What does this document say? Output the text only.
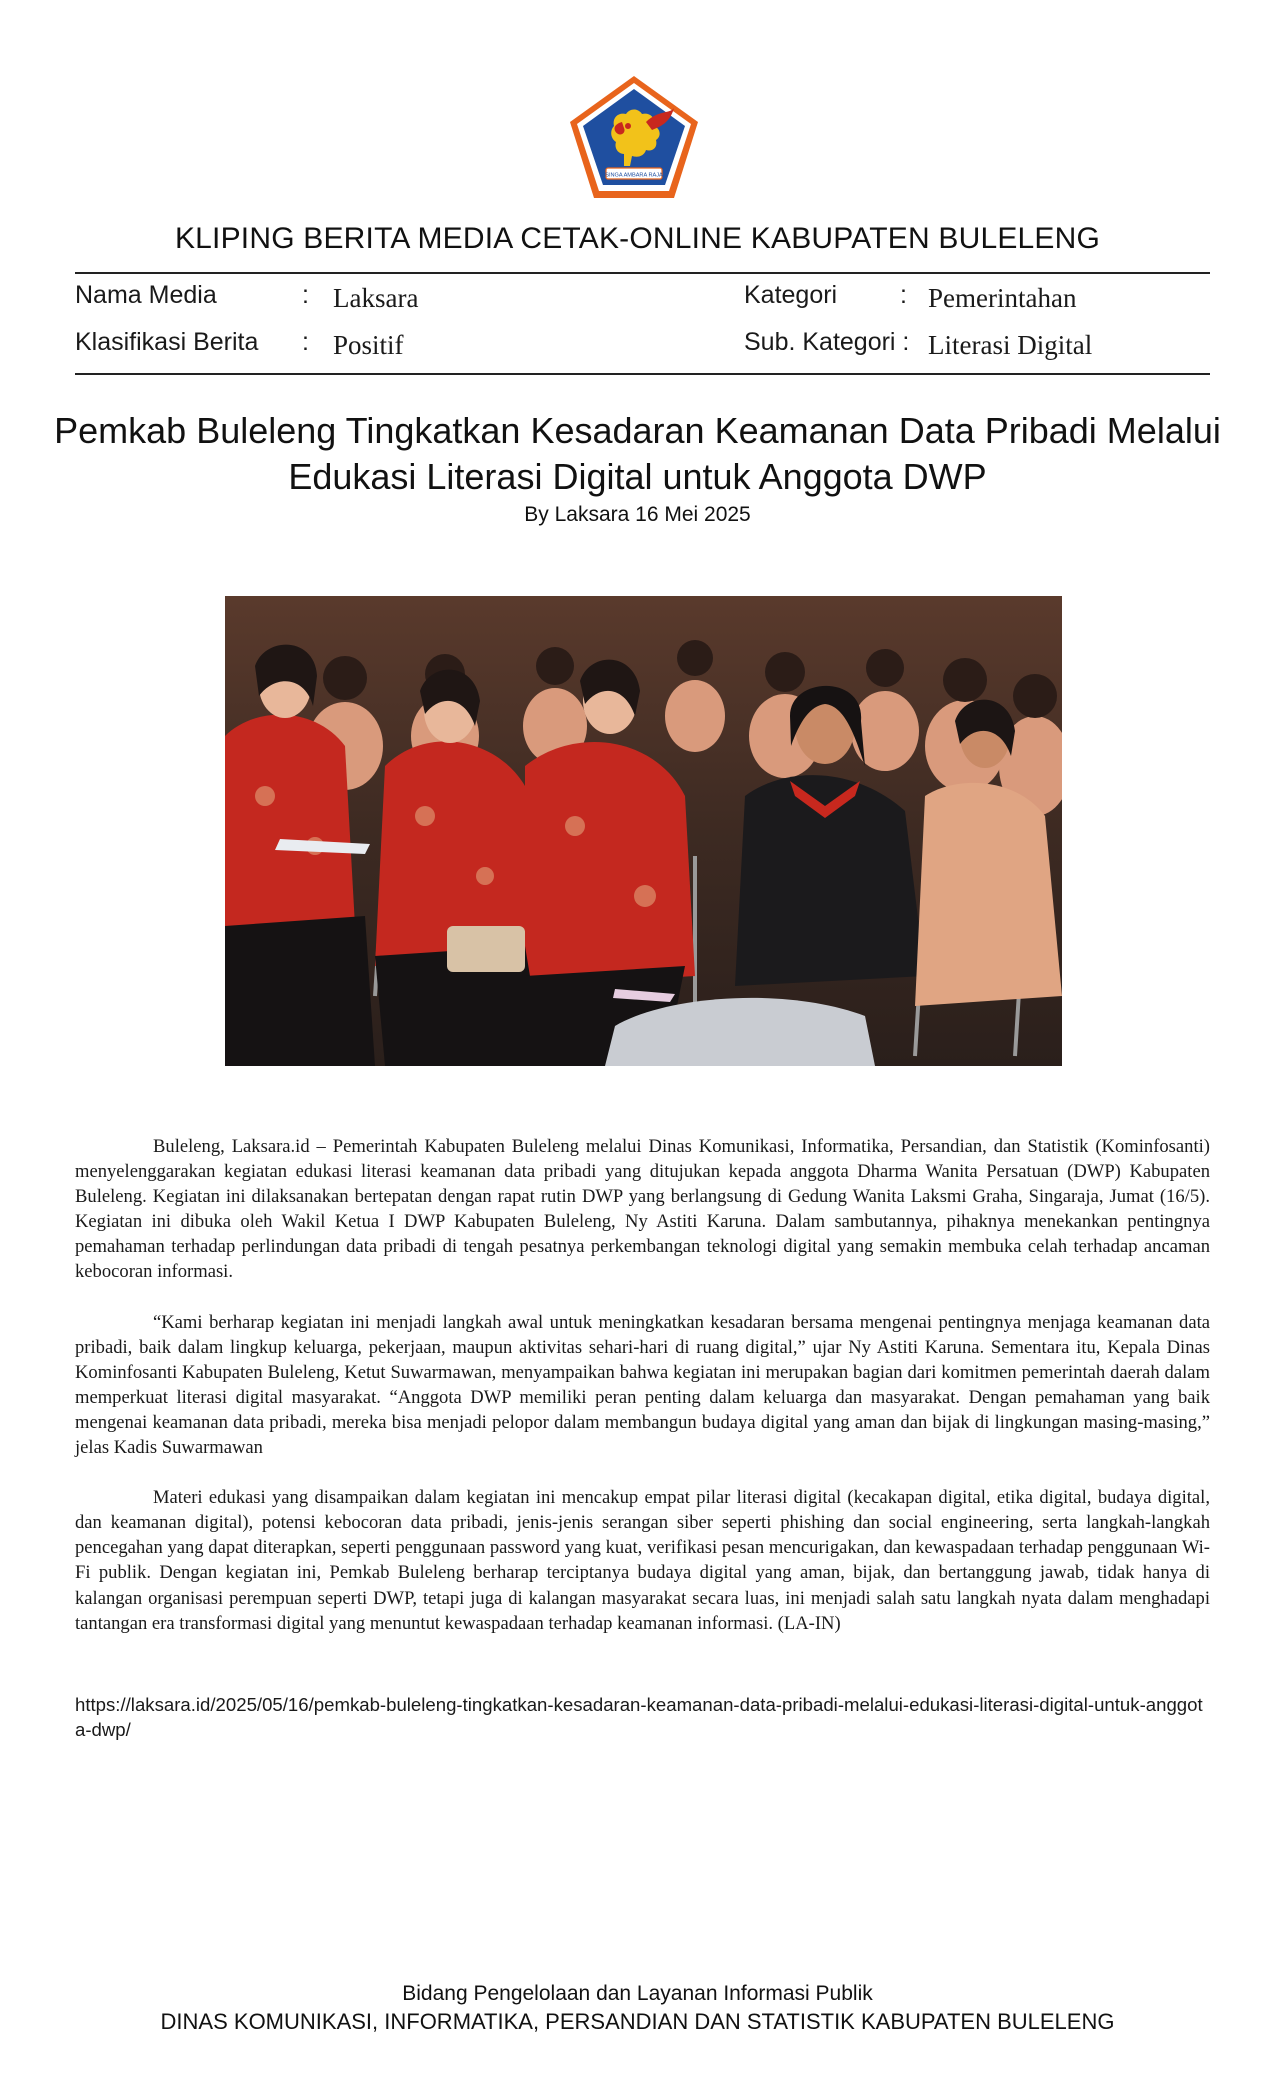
SINGA AMBARA RAJA
KLIPING BERITA MEDIA CETAK-ONLINE KABUPATEN BULELENG
Nama Media	: Laksara
Klasifikasi Berita : Positif
Kategori	: Pemerintahan
Sub. Kategori : Literasi Digital
Pemkab Buleleng Tingkatkan Kesadaran Keamanan Data Pribadi Melalui Edukasi Literasi Digital untuk Anggota DWP
By Laksara 16 Mei 2025

Buleleng, Laksara.id – Pemerintah Kabupaten Buleleng melalui Dinas Komunikasi, Informatika, Persandian, dan Statistik (Kominfosanti) menyelenggarakan kegiatan edukasi literasi keamanan data pribadi yang ditujukan kepada anggota Dharma Wanita Persatuan (DWP) Kabupaten Buleleng. Kegiatan ini dilaksanakan bertepatan dengan rapat rutin DWP yang berlangsung di Gedung Wanita Laksmi Graha, Singaraja, Jumat (16/5). Kegiatan ini dibuka oleh Wakil Ketua I DWP Kabupaten Buleleng, Ny Astiti Karuna. Dalam sambutannya, pihaknya menekankan pentingnya pemahaman terhadap perlindungan data pribadi di tengah pesatnya perkembangan teknologi digital yang semakin membuka celah terhadap ancaman kebocoran informasi.

“Kami berharap kegiatan ini menjadi langkah awal untuk meningkatkan kesadaran bersama mengenai pentingnya menjaga keamanan data pribadi, baik dalam lingkup keluarga, pekerjaan, maupun aktivitas sehari-hari di ruang digital,” ujar Ny Astiti Karuna. Sementara itu, Kepala Dinas Kominfosanti Kabupaten Buleleng, Ketut Suwarmawan, menyampaikan bahwa kegiatan ini merupakan bagian dari komitmen pemerintah daerah dalam memperkuat literasi digital masyarakat. “Anggota DWP memiliki peran penting dalam keluarga dan masyarakat. Dengan pemahaman yang baik mengenai keamanan data pribadi, mereka bisa menjadi pelopor dalam membangun budaya digital yang aman dan bijak di lingkungan masing-masing,” jelas Kadis Suwarmawan

Materi edukasi yang disampaikan dalam kegiatan ini mencakup empat pilar literasi digital (kecakapan digital, etika digital, budaya digital, dan keamanan digital), potensi kebocoran data pribadi, jenis-jenis serangan siber seperti phishing dan social engineering, serta langkah-langkah pencegahan yang dapat diterapkan, seperti penggunaan password yang kuat, verifikasi pesan mencurigakan, dan kewaspadaan terhadap penggunaan Wi-Fi publik. Dengan kegiatan ini, Pemkab Buleleng berharap terciptanya budaya digital yang aman, bijak, dan bertanggung jawab, tidak hanya di kalangan organisasi perempuan seperti DWP, tetapi juga di kalangan masyarakat secara luas, ini menjadi salah satu langkah nyata dalam menghadapi tantangan era transformasi digital yang menuntut kewaspadaan terhadap keamanan informasi. (LA-IN)

https://laksara.id/2025/05/16/pemkab-buleleng-tingkatkan-kesadaran-keamanan-data-pribadi-melalui-edukasi-literasi-digital-untuk-anggota-dwp/
Bidang Pengelolaan dan Layanan Informasi Publik
DINAS KOMUNIKASI, INFORMATIKA, PERSANDIAN DAN STATISTIK KABUPATEN BULELENG
